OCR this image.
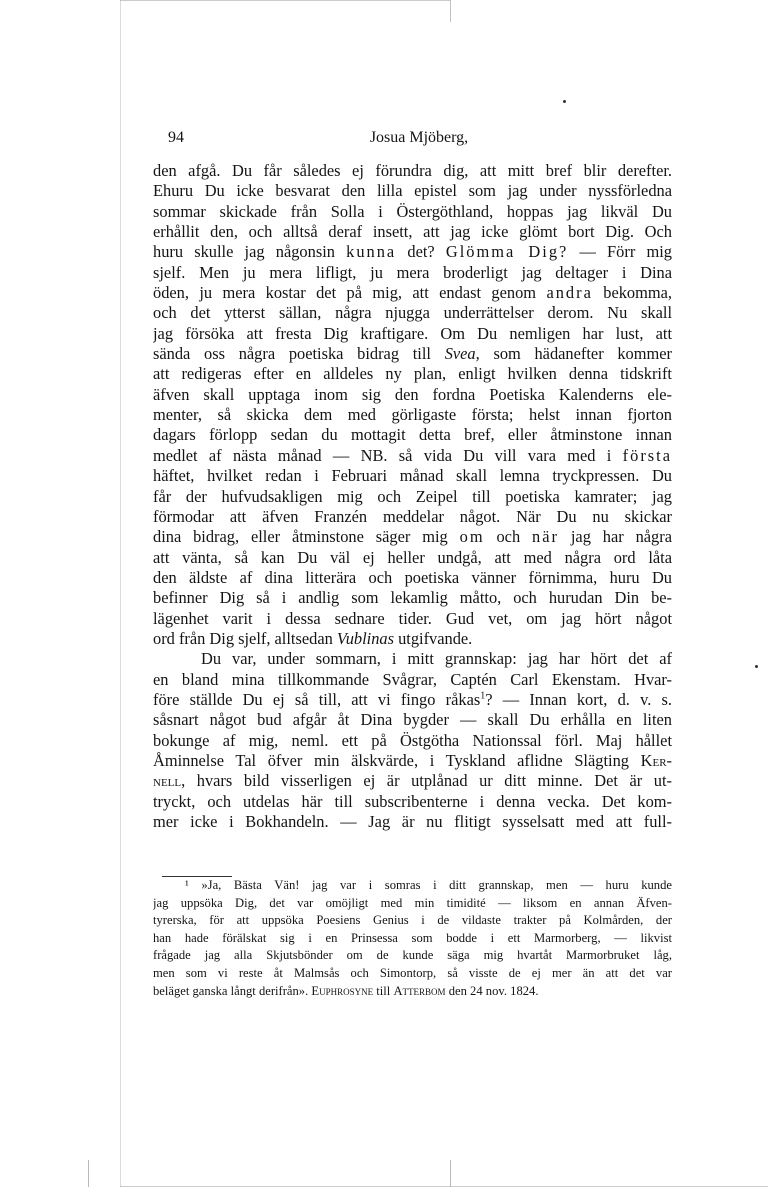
94	Josua Mjöberg,
den afgå. Du får således ej förundra dig, att mitt bref blir derefter.
Ehuru Du icke besvarat den lilla epistel som jag under nyssförledna
sommar skickade från Solla i Östergöthland, hoppas jag likväl Du
erhållit den, och alltså deraf insett, att jag icke glömt bort Dig. Och
huru skulle jag någonsin kunna det? Glömma Dig? — Förr mig
sjelf. Men ju mera lifligt, ju mera broderligt jag deltager i Dina
öden, ju mera kostar det på mig, att endast genom andra bekomma,
och det ytterst sällan, några njugga underrättelser derom. Nu skall
jag försöka att fresta Dig kraftigare. Om Du nemligen har lust, att
sända oss några poetiska bidrag till Svea, som hädanefter kommer
att redigeras efter en alldeles ny plan, enligt hvilken denna tidskrift
äfven skall upptaga inom sig den fordna Poetiska Kalenderns ele-
menter, så skicka dem med görligaste första; helst innan fjorton
dagars förlopp sedan du mottagit detta bref, eller åtminstone innan
medlet af nästa månad — NB. så vida Du vill vara med i första
häftet, hvilket redan i Februari månad skall lemna tryckpressen. Du
får der hufvudsakligen mig och Zeipel till poetiska kamrater; jag
förmodar att äfven Franzén meddelar något. När Du nu skickar
dina bidrag, eller åtminstone säger mig om och när jag har några
att vänta, så kan Du väl ej heller undgå, att med några ord låta
den äldste af dina litterära och poetiska vänner förnimma, huru Du
befinner Dig så i andlig som lekamlig måtto, och hurudan Din be-
lägenhet varit i dessa sednare tider. Gud vet, om jag hört något
ord från Dig sjelf, alltsedan Vublinas utgifvande.
Du var, under sommarn, i mitt grannskap: jag har hört det af
en bland mina tillkommande Svågrar, Captén Carl Ekenstam. Hvar-
före ställde Du ej så till, att vi fingo råkas$^1$? — Innan kort, d. v. s.
såsnart något bud afgår åt Dina bygder — skall Du erhålla en liten
bokunge af mig, neml. ett på Östgötha Nationssal förl. Maj hållet
Åminnelse Tal öfver min älskvärde, i Tyskland aflidne Slägting Ker-
nell, hvars bild visserligen ej är utplånad ur ditt minne. Det är ut-
tryckt, och utdelas här till subscribenterne i denna vecka. Det kom-
mer icke i Bokhandeln. — Jag är nu flitigt sysselsatt med att full-
¹ »Ja, Bästa Vän! jag var i somras i ditt grannskap, men — huru kunde
jag uppsöka Dig, det var omöjligt med min timidité — liksom en annan Äfven-
tyrerska, för att uppsöka Poesiens Genius i de vildaste trakter på Kolmården, der
han hade förälskat sig i en Prinsessa som bodde i ett Marmorberg, — likvist
frågade jag alla Skjutsbönder om de kunde säga mig hvartåt Marmorbruket låg,
men som vi reste åt Malmsås och Simontorp, så visste de ej mer än att det var
beläget ganska långt derifrån». Euphrosyne till Atterbom den 24 nov. 1824.
